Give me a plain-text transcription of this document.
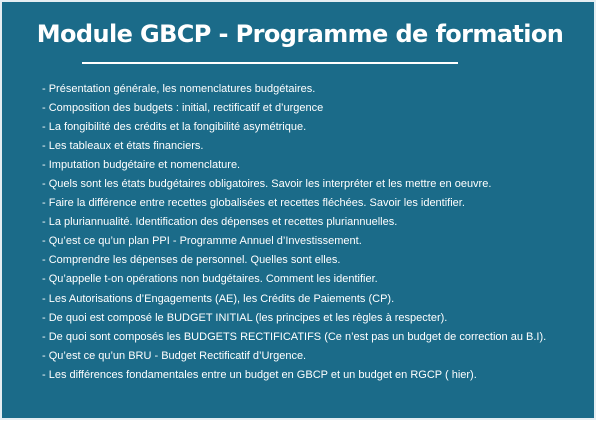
Module GBCP - Programme de formation
- Présentation générale, les nomenclatures budgétaires.
- Composition des budgets : initial, rectificatif et d’urgence
- La fongibilité des crédits et la fongibilité asymétrique.
- Les tableaux et états financiers.
- Imputation budgétaire et nomenclature.
- Quels sont les états budgétaires obligatoires. Savoir les interpréter et les mettre en oeuvre.
- Faire la différence entre recettes globalisées et recettes fléchées. Savoir les identifier.
- La pluriannualité. Identification des dépenses et recettes pluriannuelles.
- Qu’est ce qu’un plan PPI - Programme Annuel d’Investissement.
- Comprendre les dépenses de personnel. Quelles sont elles.
- Qu’appelle t-on opérations non budgétaires. Comment les identifier.
- Les Autorisations d’Engagements (AE), les Crédits de Paiements (CP).
- De quoi est composé le BUDGET INITIAL (les principes et les règles à respecter).
- De quoi sont composés les BUDGETS RECTIFICATIFS (Ce n’est pas un budget de correction au B.I).
- Qu’est ce qu’un BRU - Budget Rectificatif d’Urgence.
- Les différences fondamentales entre un budget en GBCP et un budget en RGCP ( hier).
